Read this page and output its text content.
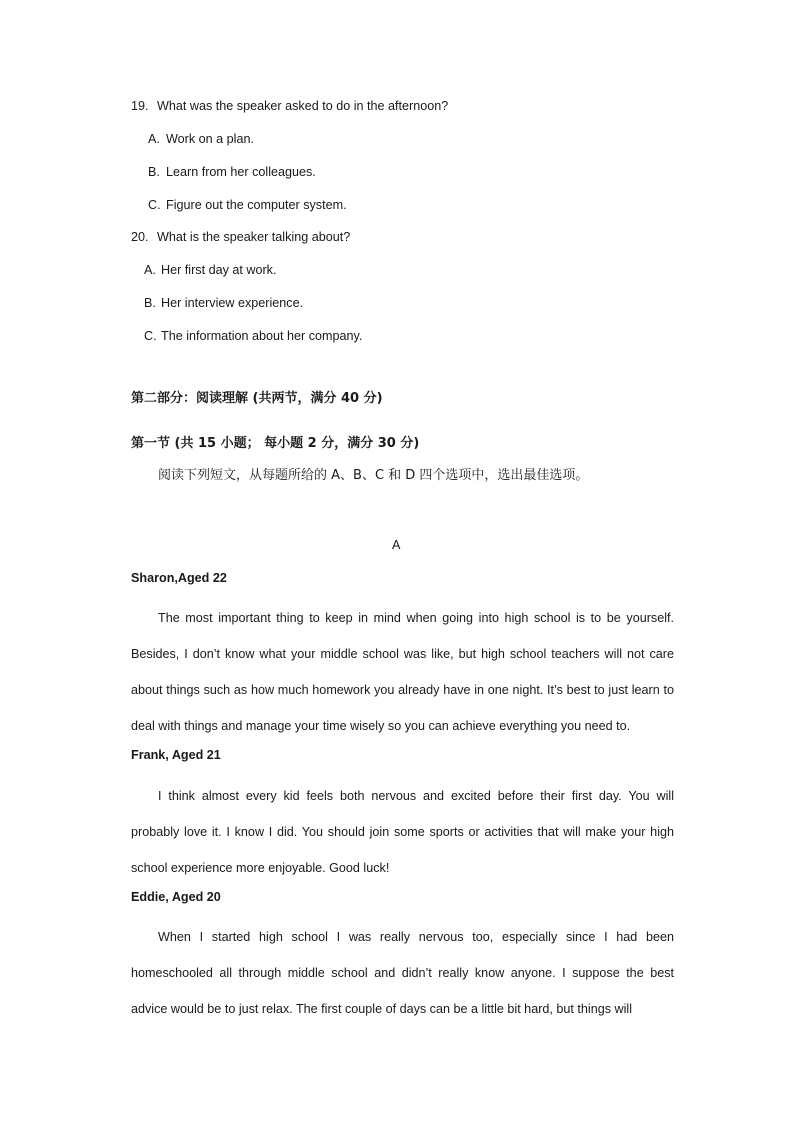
19. What was the speaker asked to do in the afternoon?
A. Work on a plan.
B. Learn from her colleagues.
C. Figure out the computer system.
20. What is the speaker talking about?
A. Her first day at work.
B. Her interview experience.
C. The information about her company.
第二部分：阅读理解 (共两节，满分 40 分)
第一节 (共 15 小题； 每小题 2 分，满分 30 分)
阅读下列短文，从每题所给的 A、B、C 和 D 四个选项中，选出最佳选项。
A
Sharon,Aged 22
The most important thing to keep in mind when going into high school is to be yourself. Besides, I don’t know what your middle school was like, but high school teachers will not care about things such as how much homework you already have in one night. It’s best to just learn to deal with things and manage your time wisely so you can achieve everything you need to.
Frank, Aged 21
I think almost every kid feels both nervous and excited before their first day. You will probably love it. I know I did. You should join some sports or activities that will make your high school experience more enjoyable. Good luck!
Eddie, Aged 20
When I started high school I was really nervous too, especially since I had been homeschooled all through middle school and didn’t really know anyone. I suppose the best advice would be to just relax. The first couple of days can be a little bit hard, but things will
